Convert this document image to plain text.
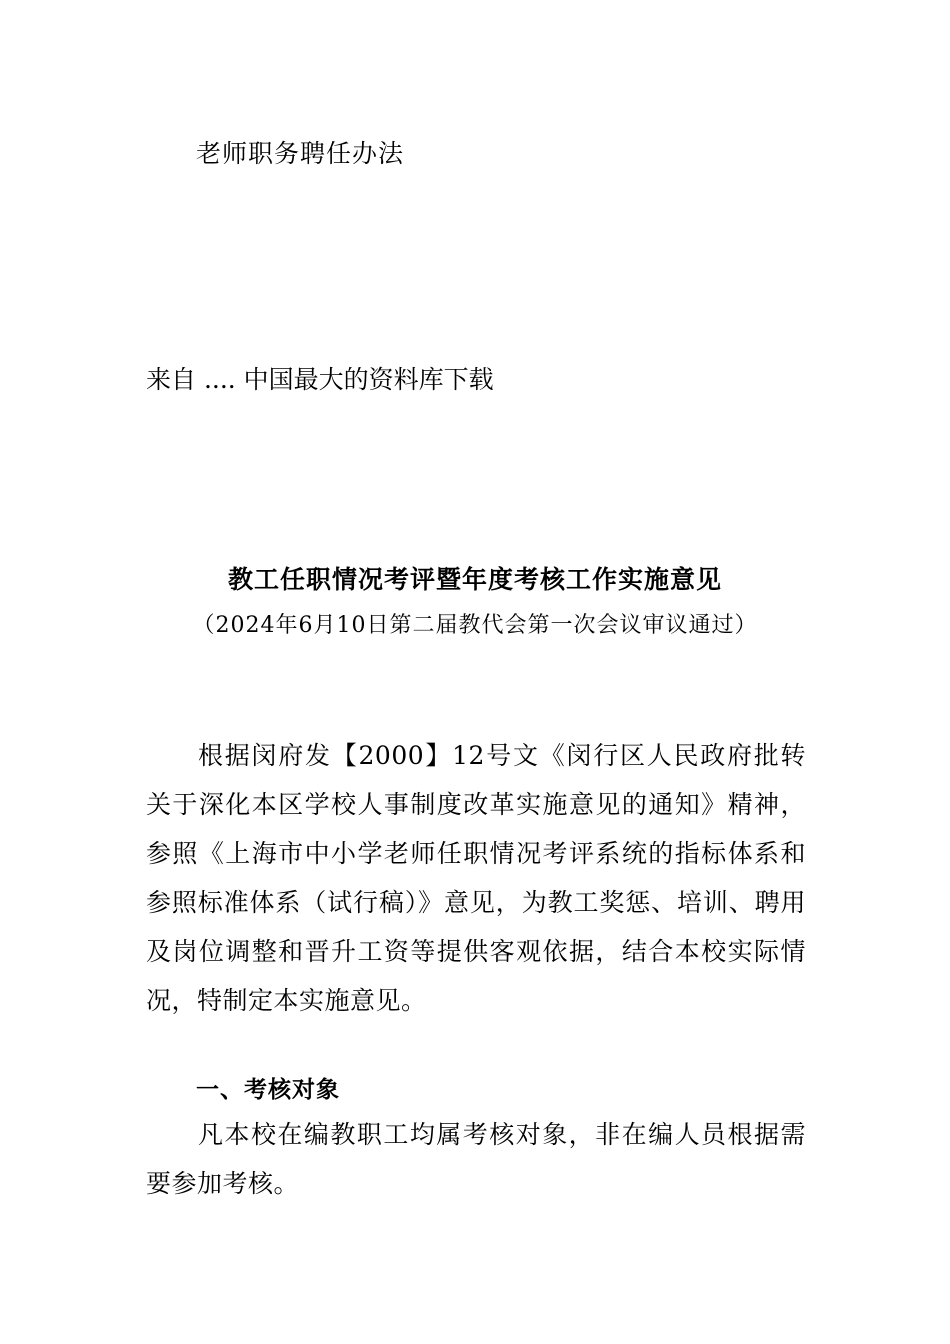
老师职务聘任办法
来自 .... 中国最大的资料库下载
教工任职情况考评暨年度考核工作实施意见
（2024年6月10日第二届教代会第一次会议审议通过）

根据闵府发【2000】12号文《闵行区人民政府批转关于深化本区学校人事制度改革实施意见的通知》精神，参照《上海市中小学老师任职情况考评系统的指标体系和参照标准体系（试行稿）》意见，为教工奖惩、培训、聘用及岗位调整和晋升工资等提供客观依据，结合本校实际情况，特制定本实施意见。

一、考核对象

凡本校在编教职工均属考核对象，非在编人员根据需要参加考核。
